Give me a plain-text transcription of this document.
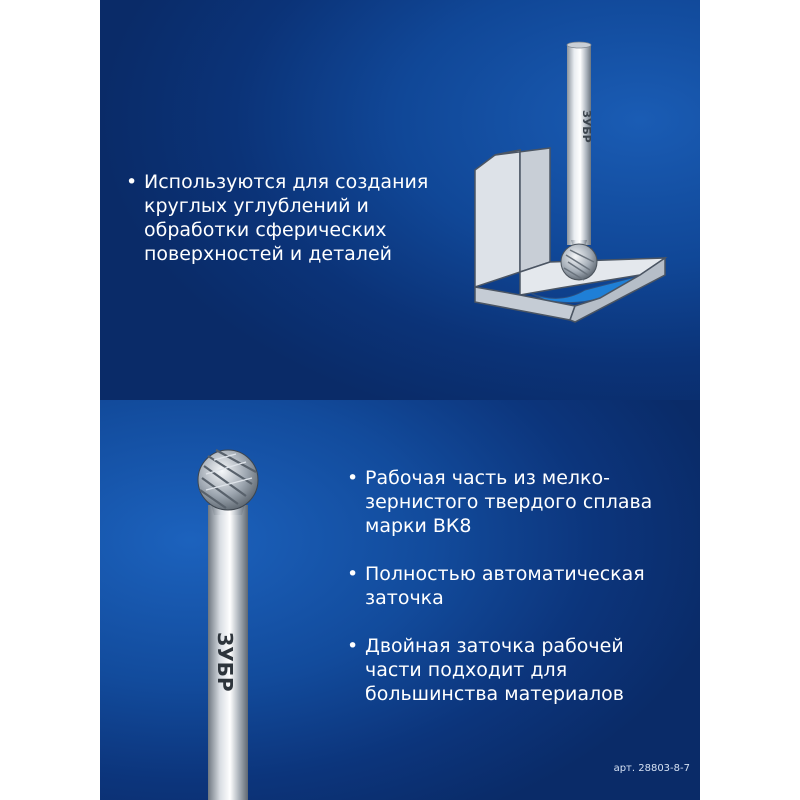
ЗУБР
• Используются для создания круглых углублений и обработки сферических поверхностей и деталей
ЗУБР
• Рабочая часть из мелко-зернистого твердого сплава марки ВК8
• Полностью автоматическая заточка
• Двойная заточка рабочей части подходит для большинства материалов
арт. 28803-8-7
